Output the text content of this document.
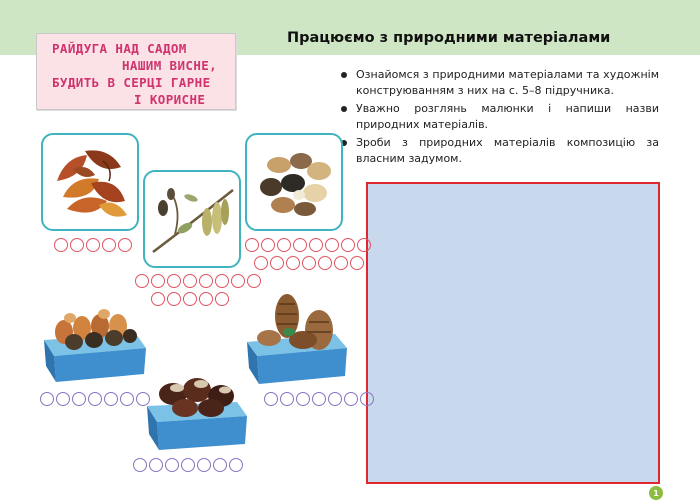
РАЙДУГА НАД САДОМ
НАШИМ ВИСНЕ,
БУДИТЬ В СЕРЦІ ГАРНЕ
І КОРИСНЕ
Працюємо з природними матеріалами
Ознайомся з природними матеріалами та художнім конструюванням з них на с. 5–8 підручника.
Уважно розглянь малюнки і напиши назви природних матеріалів.
Зроби з природних матеріалів композицію за власним задумом.
1
